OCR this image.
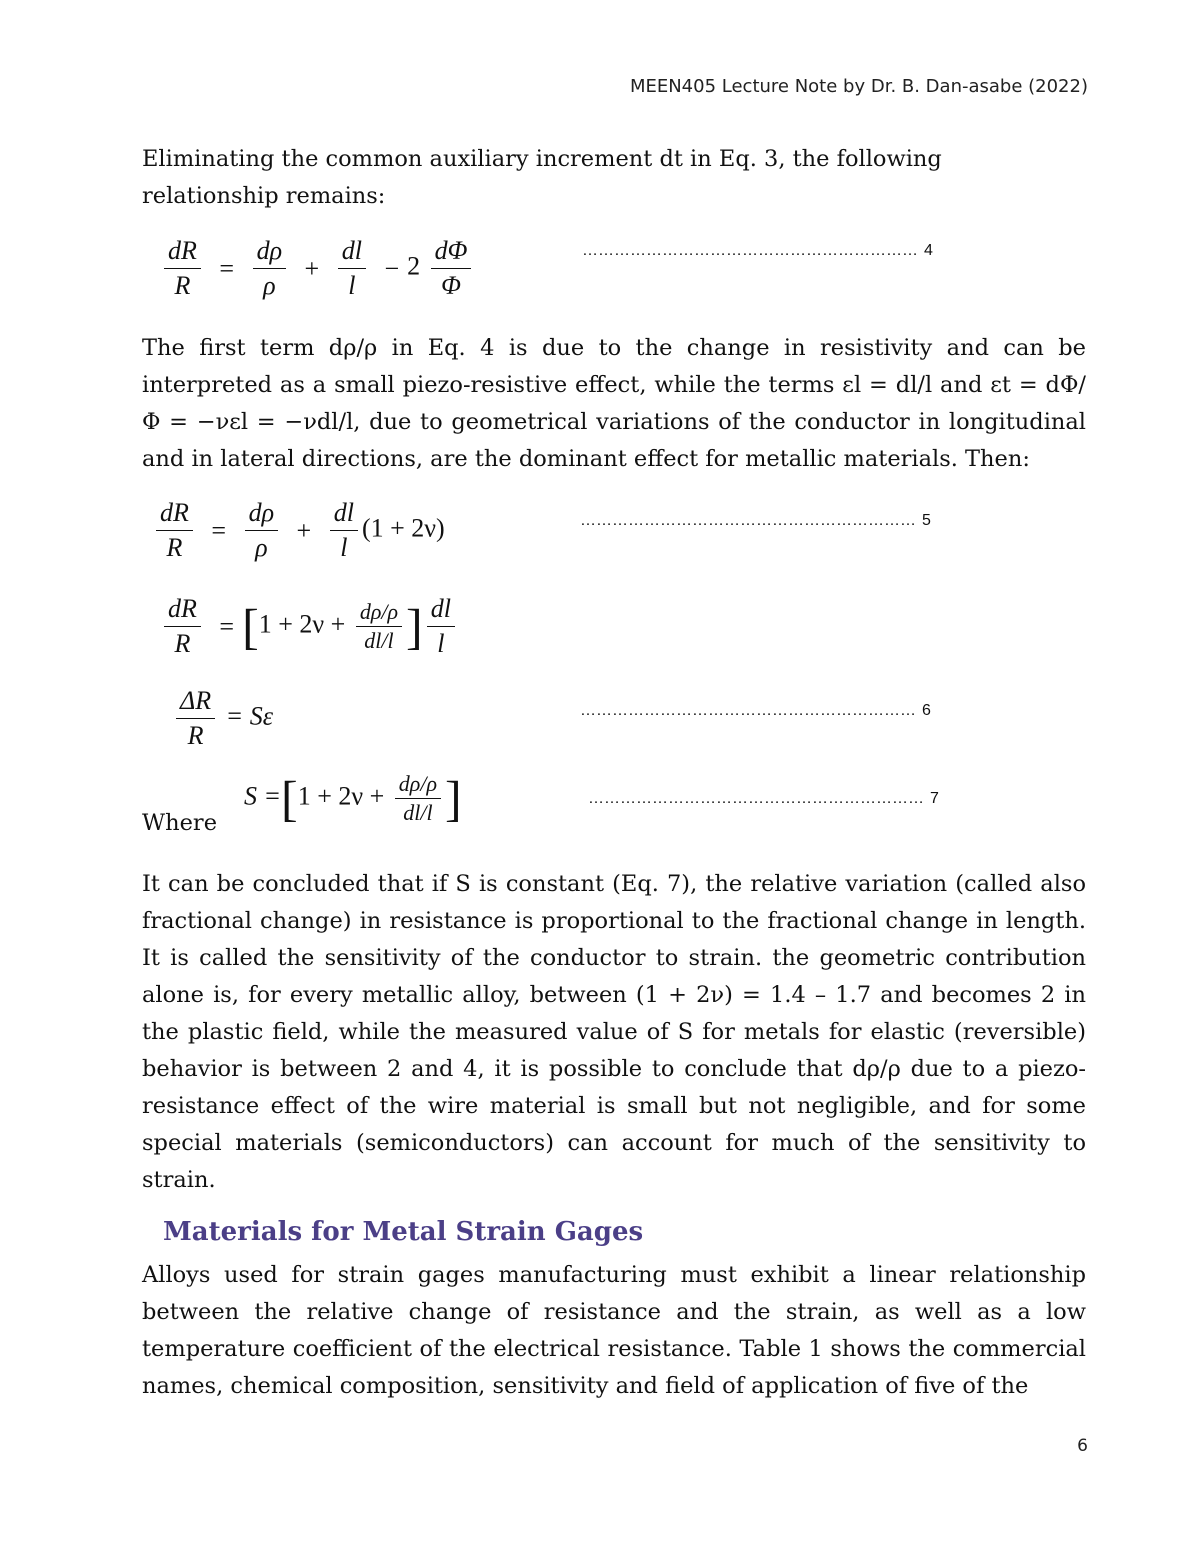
MEEN405 Lecture Note by Dr. B. Dan-asabe (2022)
Eliminating the common auxiliary increment dt in Eq. 3, the following relationship remains:
$\frac{dR}{R} = \frac{d\rho}{\rho} + \frac{dl}{l} - 2 \frac{d\Phi}{\Phi}$	……………………………………………………… 4
The first term dρ/ρ in Eq. 4 is due to the change in resistivity and can be interpreted as a small piezo-resistive effect, while the terms εl = dl/l and εt = dΦ/Φ = −νεl = −νdl/l, due to geometrical variations of the conductor in longitudinal and in lateral directions, are the dominant effect for metallic materials. Then:
$\frac{dR}{R} = \frac{d\rho}{\rho} + \frac{dl}{l} (1 + 2\nu)$	……………………………………………………… 5
$\frac{dR}{R} = [1 + 2\nu + \frac{d\rho/\rho}{dl/l}$ ] $\frac{dl}{l}$
$\frac{\Delta R}{R} = S\varepsilon$	……………………………………………………… 6
Where
$S =[1 + 2\nu + \frac{d\rho/\rho}{dl/l}$ ]	……………………………………………………… 7
It can be concluded that if S is constant (Eq. 7), the relative variation (called also fractional change) in resistance is proportional to the fractional change in length. It is called the sensitivity of the conductor to strain. the geometric contribution alone is, for every metallic alloy, between (1 + 2ν) = 1.4 – 1.7 and becomes 2 in the plastic field, while the measured value of S for metals for elastic (reversible) behavior is between 2 and 4, it is possible to conclude that dρ/ρ due to a piezo-resistance effect of the wire material is small but not negligible, and for some special materials (semiconductors) can account for much of the sensitivity to strain.
Materials for Metal Strain Gages
Alloys used for strain gages manufacturing must exhibit a linear relationship between the relative change of resistance and the strain, as well as a low temperature coefficient of the electrical resistance. Table 1 shows the commercial names, chemical composition, sensitivity and field of application of five of the
6
